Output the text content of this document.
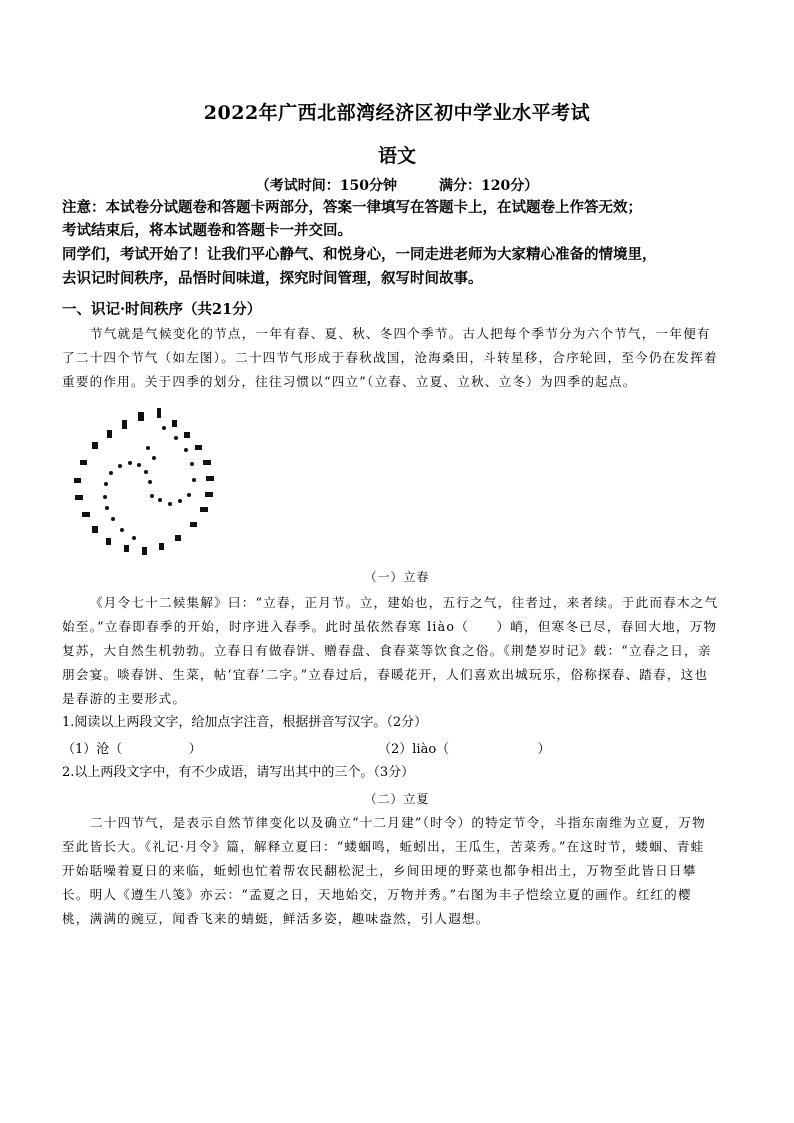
2022年广西北部湾经济区初中学业水平考试
语文
（考试时间：150分钟	满分：120分）
注意：本试卷分试题卷和答题卡两部分，答案一律填写在答题卡上，在试题卷上作答无效；
考试结束后，将本试题卷和答题卡一并交回。
同学们，考试开始了！让我们平心静气、和悦身心，一同走进老师为大家精心准备的情境里，
去识记时间秩序，品悟时间味道，探究时间管理，叙写时间故事。
一、识记·时间秩序（共21分）
节气就是气候变化的节点，一年有春、夏、秋、冬四个季节。古人把每个季节分为六个节气，一年便有
了二十四个节气（如左图）。二十四节气形成于春秋战国，沧海桑田，斗转星移，合序轮回，至今仍在发挥着
重要的作用。关于四季的划分，往往习惯以“四立”（立春、立夏、立秋、立冬）为四季的起点。
（一）立春
《月令七十二候集解》曰：“立春，正月节。立，建始也，五行之气，往者过，来者续。于此而春木之气
始至。”立春即春季的开始，时序进入春季。此时虽依然春寒 liào（　　）峭，但寒冬已尽，春回大地，万物
复苏，大自然生机勃勃。立春日有做春饼、赠春盘、食春菜等饮食之俗。《荆楚岁时记》载：“立春之日，亲
朋会宴。啖春饼、生菜，帖‘宜春’二字。”立春过后，春暖花开，人们喜欢出城玩乐，俗称探春、踏春，这也
是春游的主要形式。
1.阅读以上两段文字，给加点字注音，根据拼音写汉字。（2分）
（1）沧（	）	（2）liào（	）
2.以上两段文字中，有不少成语，请写出其中的三个。（3分）
（二）立夏
二十四节气，是表示自然节律变化以及确立“十二月建”（时令）的特定节令，斗指东南维为立夏，万物
至此皆长大。《礼记·月令》篇，解释立夏曰：“蝼蝈鸣，蚯蚓出，王瓜生，苦菜秀。”在这时节，蝼蝈、青蛙
开始聒噪着夏日的来临，蚯蚓也忙着帮农民翻松泥土，乡间田埂的野菜也都争相出土，万物至此皆日日攀
长。明人《遵生八笺》亦云：“孟夏之日，天地始交，万物并秀。”右图为丰子恺绘立夏的画作。红红的樱
桃，满满的豌豆，闻香飞来的蜻蜓，鲜活多姿，趣味盎然，引人遐想。
